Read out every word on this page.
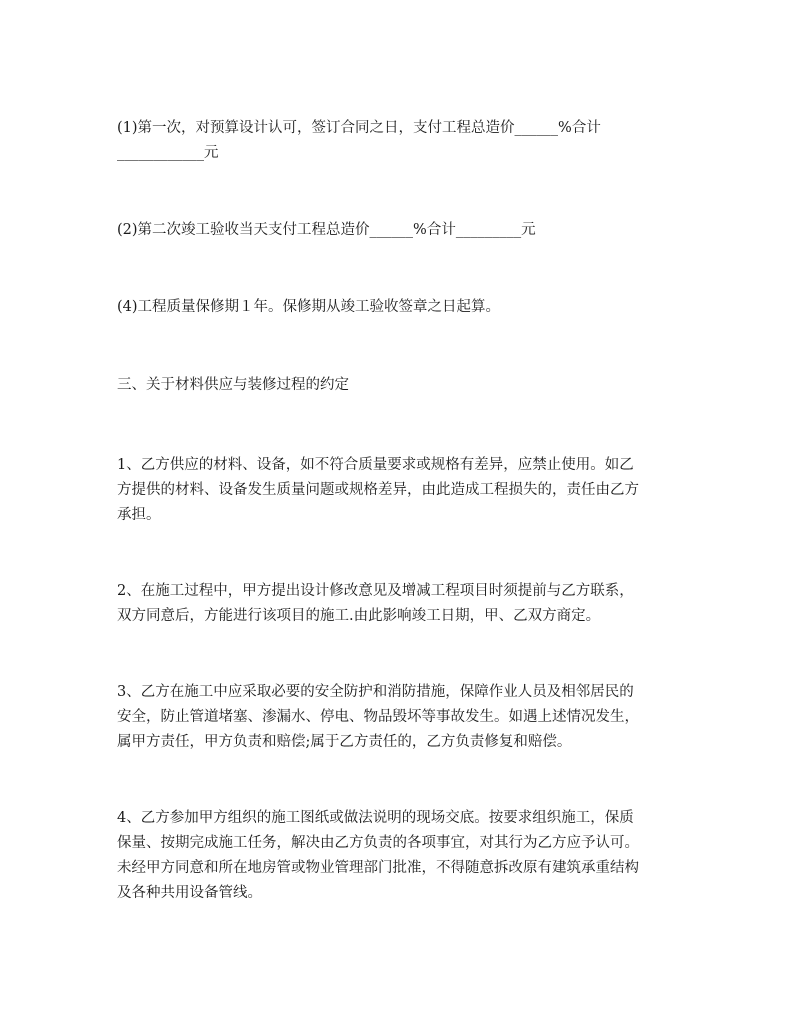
(1)第一次，对预算设计认可，签订合同之日，支付工程总造价______%合计
____________元

(2)第二次竣工验收当天支付工程总造价______%合计_________元

(4)工程质量保修期１年。保修期从竣工验收签章之日起算。

三、关于材料供应与装修过程的约定

1、乙方供应的材料、设备，如不符合质量要求或规格有差异，应禁止使用。如乙
方提供的材料、设备发生质量问题或规格差异，由此造成工程损失的，责任由乙方
承担。

2、在施工过程中，甲方提出设计修改意见及增减工程项目时须提前与乙方联系，
双方同意后，方能进行该项目的施工.由此影响竣工日期，甲、乙双方商定。

3、乙方在施工中应采取必要的安全防护和消防措施，保障作业人员及相邻居民的
安全，防止管道堵塞、渗漏水、停电、物品毁坏等事故发生。如遇上述情况发生，
属甲方责任，甲方负责和赔偿;属于乙方责任的，乙方负责修复和赔偿。

4、乙方参加甲方组织的施工图纸或做法说明的现场交底。按要求组织施工，保质
保量、按期完成施工任务，解决由乙方负责的各项事宜，对其行为乙方应予认可。
未经甲方同意和所在地房管或物业管理部门批准，不得随意拆改原有建筑承重结构
及各种共用设备管线。
